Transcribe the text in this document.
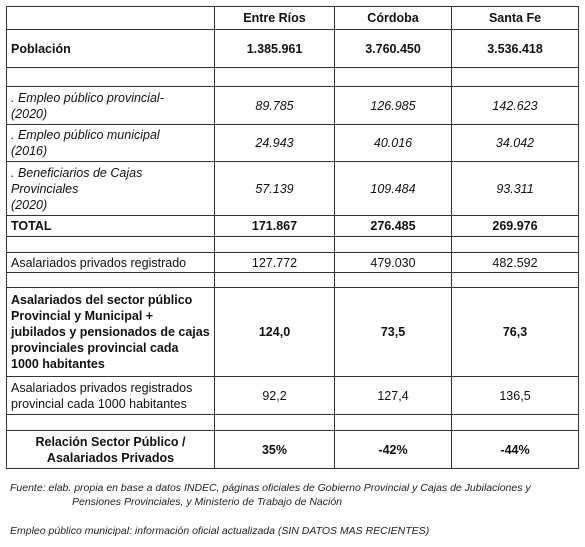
	Entre Ríos	Córdoba	Santa Fe
Población	1.385.961	3.760.450	3.536.418

. Empleo público provincial-
(2020)	89.785	126.985	142.623

. Empleo público municipal
(2016)	24.943	40.016	34.042

. Beneficiarios de Cajas
Provinciales
(2020)	57.139	109.484	93.311
TOTAL	171.867	276.485	269.976

Asalariados privados registrado	127.772	479.030	482.592

Asalariados del sector público
Provincial y Municipal +
jubilados y pensionados de cajas
provinciales provincial cada
1000 habitantes	124,0	73,5	76,3

Asalariados privados registrados
provincial cada 1000 habitantes	92,2	127,4	136,5

Relación Sector Público /
Asalariados Privados	35%	-42%	-44%
Fuente: elab. propia en base a datos INDEC, páginas oficiales de Gobierno Provincial y Cajas de Jubilaciones y
Pensiones Provinciales, y Ministerio de Trabajo de Nación
Empleo público municipal: información oficial actualizada (SIN DATOS MAS RECIENTES)
